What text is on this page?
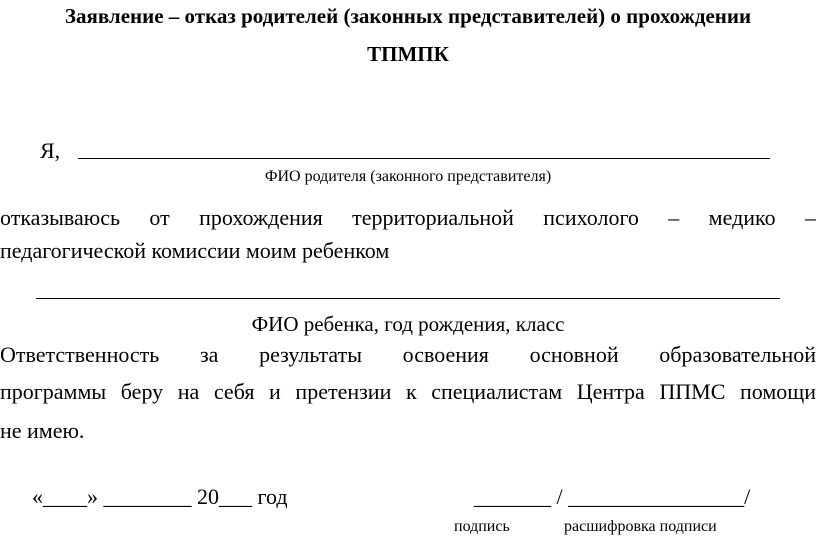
Заявление – отказ родителей (законных представителей) о прохождении
ТПМПК
Я,
ФИО родителя (законного представителя)
отказываюсь от прохождения территориальной психолого – медико –
педагогической комиссии моим ребенком
ФИО ребенка, год рождения, класс
Ответственность за результаты освоения основной образовательной
программы беру на себя и претензии к специалистам Центра ППМС помощи
не имею.
«____» ________ 20___ год	_______ / ________________/
подпись	расшифровка подписи
